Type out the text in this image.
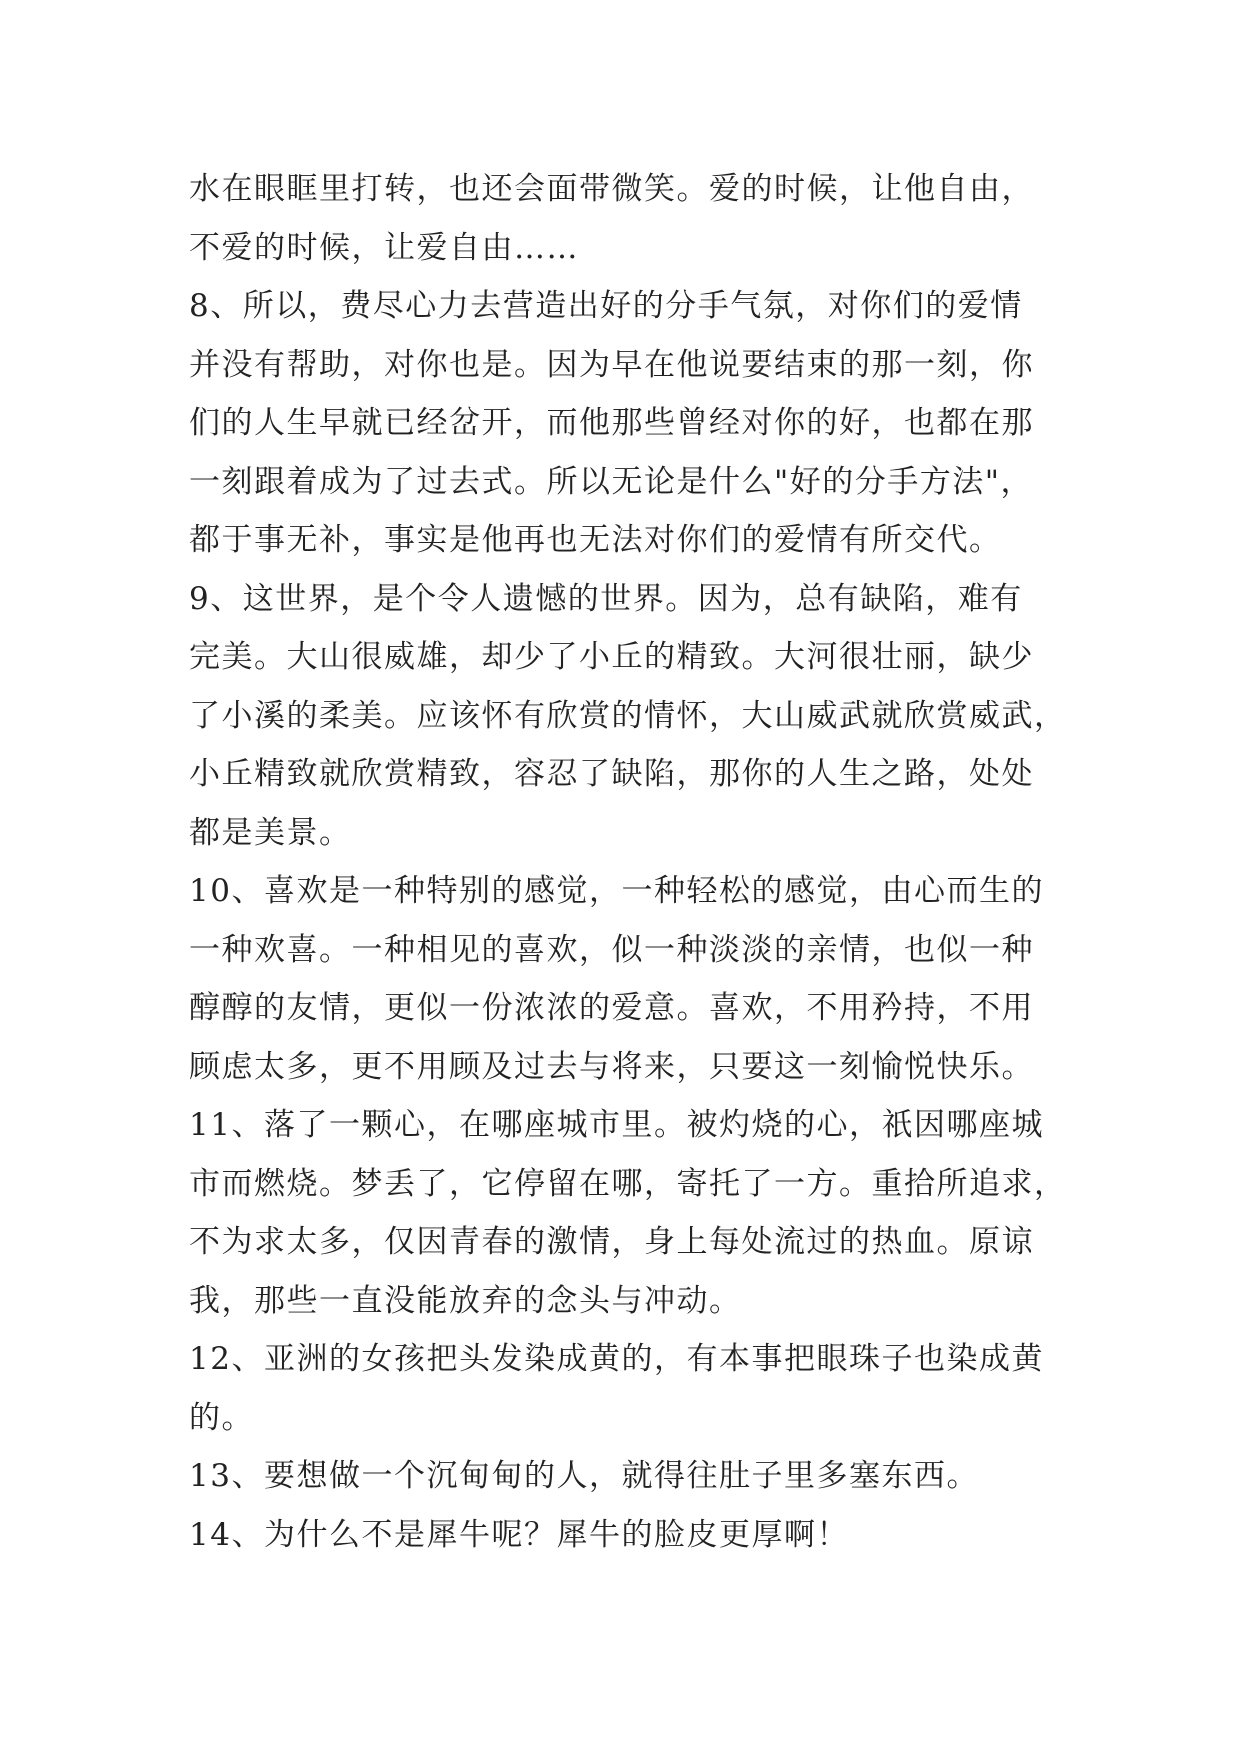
水在眼眶里打转，也还会面带微笑。爱的时候，让他自由，
不爱的时候，让爱自由……
8、所以，费尽心力去营造出好的分手气氛，对你们的爱情
并没有帮助，对你也是。因为早在他说要结束的那一刻，你
们的人生早就已经岔开，而他那些曾经对你的好，也都在那
一刻跟着成为了过去式。所以无论是什么"好的分手方法"，
都于事无补，事实是他再也无法对你们的爱情有所交代。
9、这世界，是个令人遗憾的世界。因为，总有缺陷，难有
完美。大山很威雄，却少了小丘的精致。大河很壮丽，缺少
了小溪的柔美。应该怀有欣赏的情怀，大山威武就欣赏威武，
小丘精致就欣赏精致，容忍了缺陷，那你的人生之路，处处
都是美景。
10、喜欢是一种特别的感觉，一种轻松的感觉，由心而生的
一种欢喜。一种相见的喜欢，似一种淡淡的亲情，也似一种
醇醇的友情，更似一份浓浓的爱意。喜欢，不用矜持，不用
顾虑太多，更不用顾及过去与将来，只要这一刻愉悦快乐。
11、落了一颗心，在哪座城市里。被灼烧的心，祇因哪座城
市而燃烧。梦丢了，它停留在哪，寄托了一方。重拾所追求，
不为求太多，仅因青春的激情，身上每处流过的热血。原谅
我，那些一直没能放弃的念头与冲动。
12、亚洲的女孩把头发染成黄的，有本事把眼珠子也染成黄
的。
13、要想做一个沉甸甸的人，就得往肚子里多塞东西。
14、为什么不是犀牛呢？犀牛的脸皮更厚啊！
